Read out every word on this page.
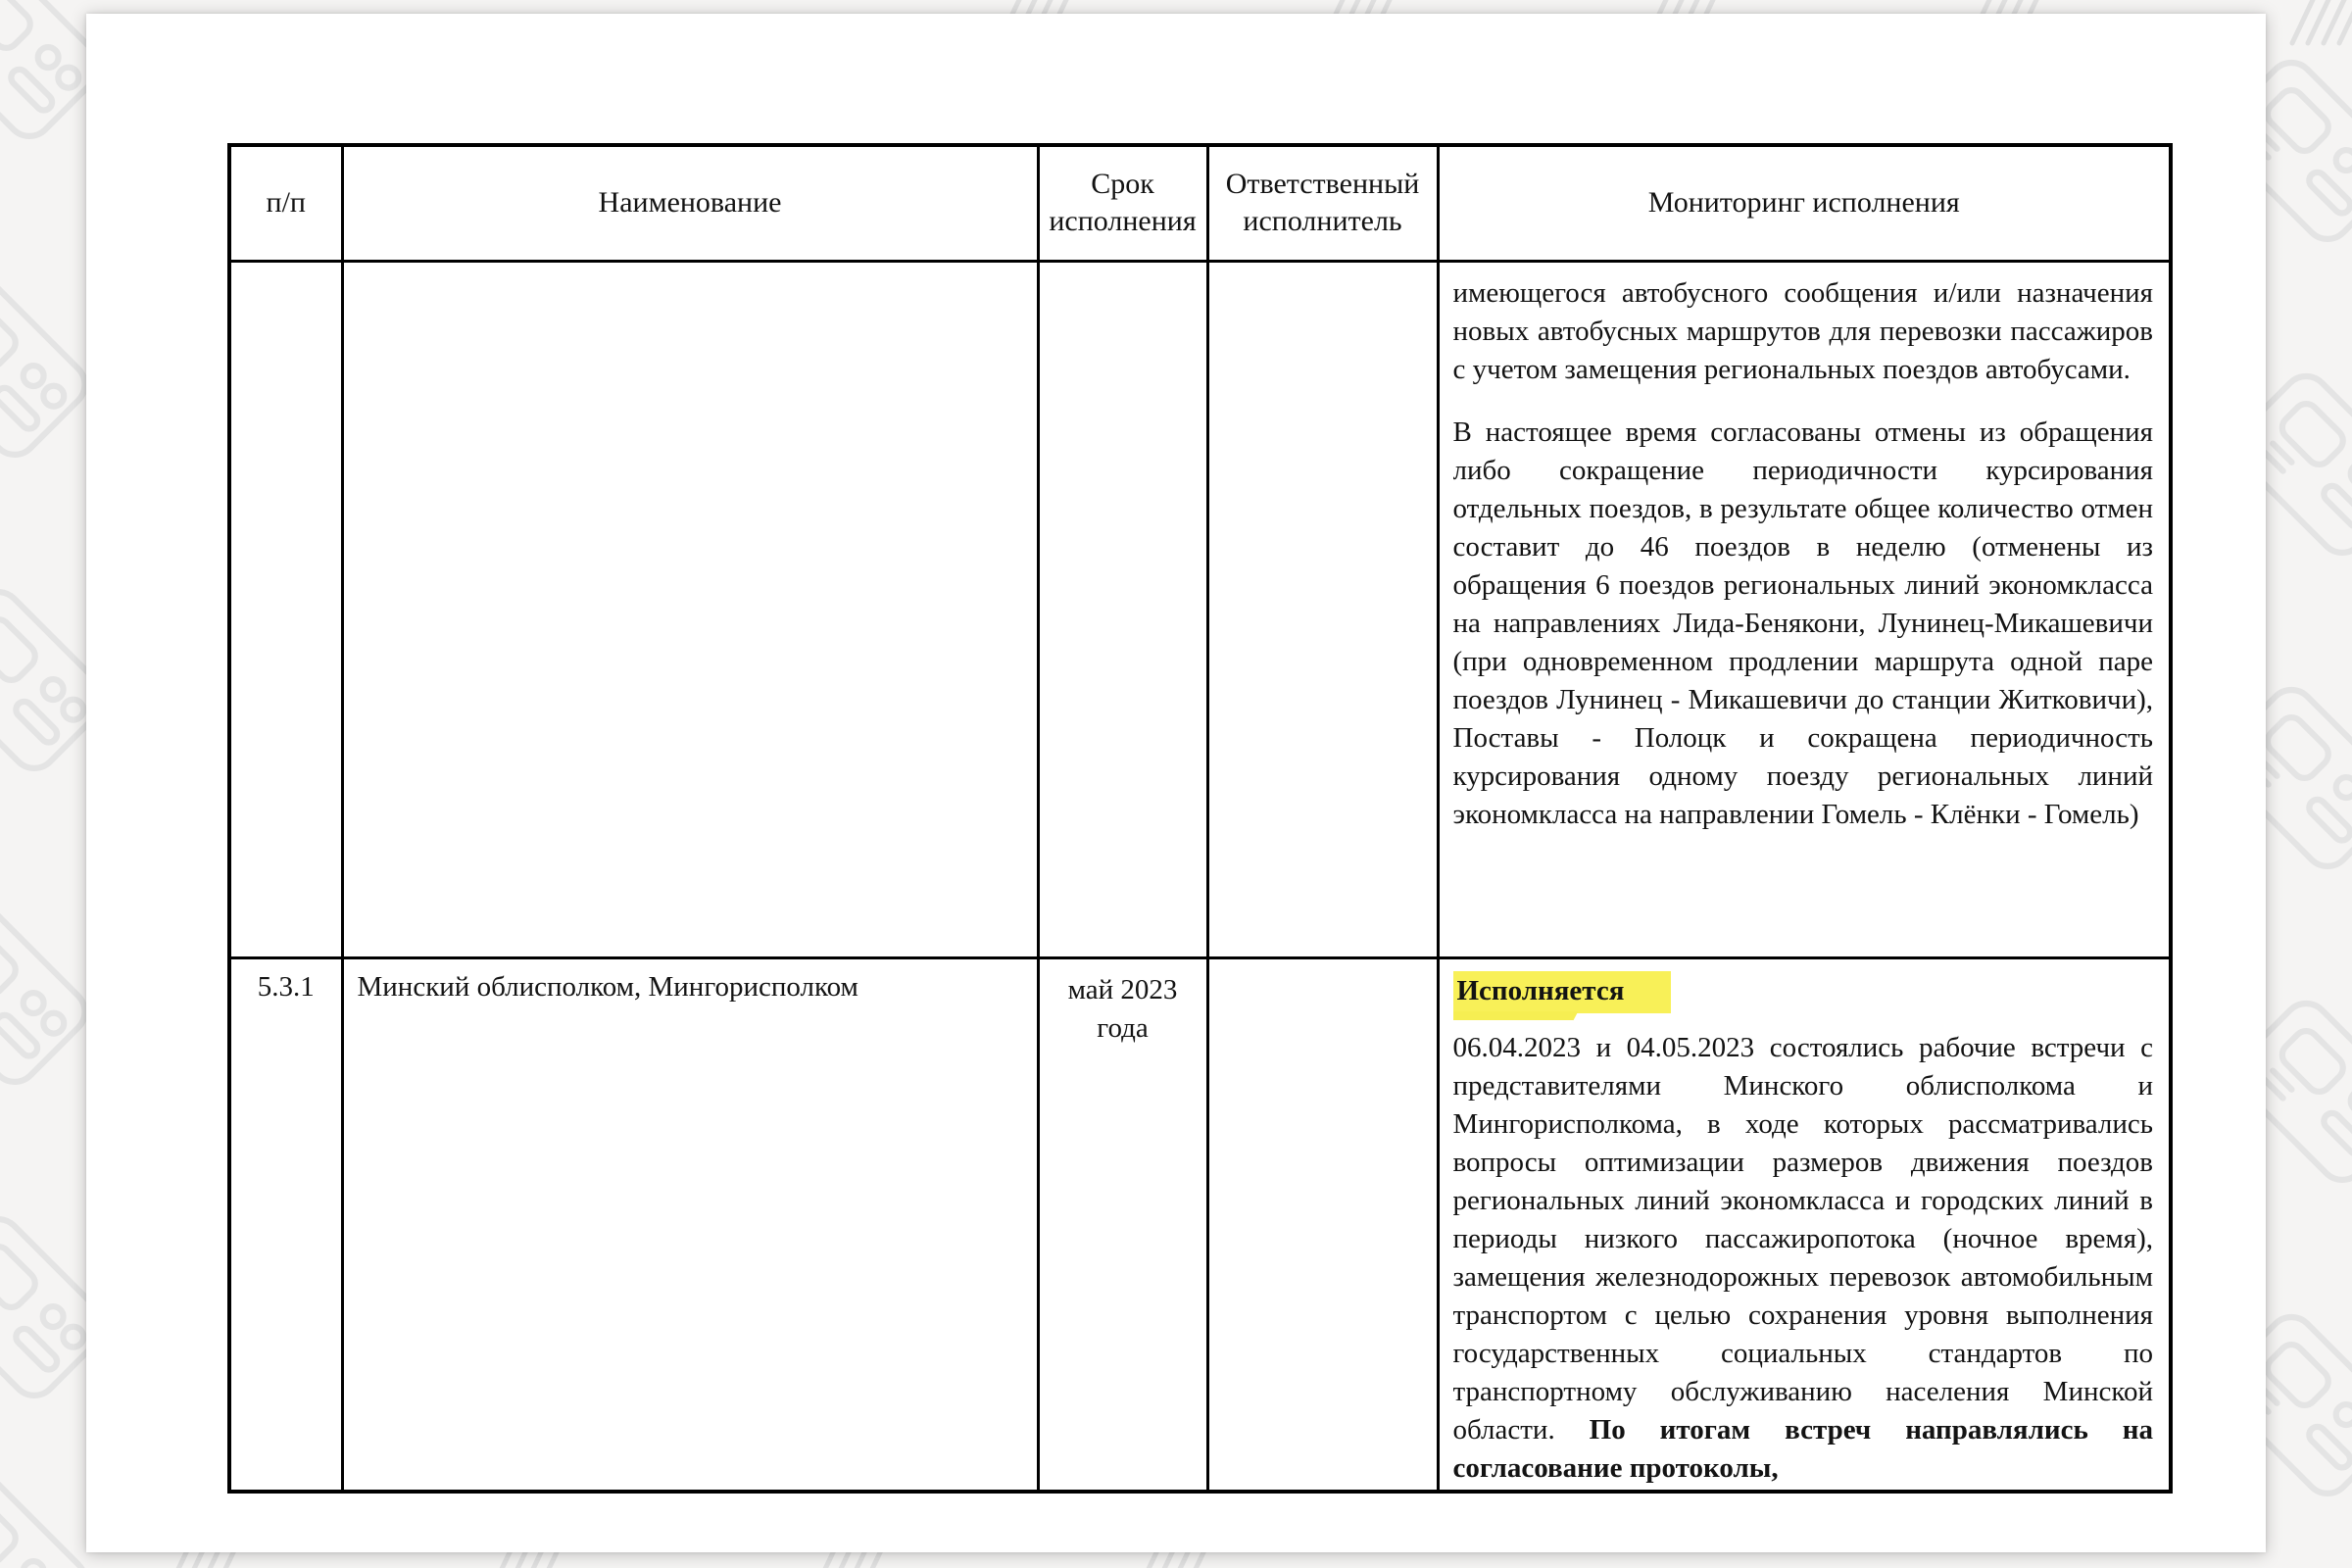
п/п	Наименование	Срок исполнения	Ответственный исполнитель	Мониторинг исполнения

				имеющегося автобусного сообщения и/или назначения новых автобусных маршрутов для перевозки пассажиров с учетом замещения региональных поездов автобусами.

В настоящее время согласованы отмены из обращения либо сокращение периодичности курсирования отдельных поездов, в результате общее количество отмен составит до 46 поездов в неделю (отменены из обращения 6 поездов региональных линий экономкласса на направлениях Лида-Бенякони, Лунинец-Микашевичи (при одновременном продлении маршрута одной паре поездов Лунинец - Микашевичи до станции Житковичи), Поставы - Полоцк и сокращена периодичность курсирования одному поезду региональных линий экономкласса на направлении Гомель - Клёнки - Гомель)

5.3.1	Минский облисполком, Мингорисполком	май 2023 года		Исполняется

06.04.2023 и 04.05.2023 состоялись рабочие встречи с представителями Минского облисполкома и Мингорисполкома, в ходе которых рассматривались вопросы оптимизации размеров движения поездов региональных линий экономкласса и городских линий в периоды низкого пассажиропотока (ночное время), замещения железнодорожных перевозок автомобильным транспортом с целью сохранения уровня выполнения государственных социальных стандартов по транспортному обслуживанию населения Минской области. По итогам встреч направлялись на согласование протоколы,
